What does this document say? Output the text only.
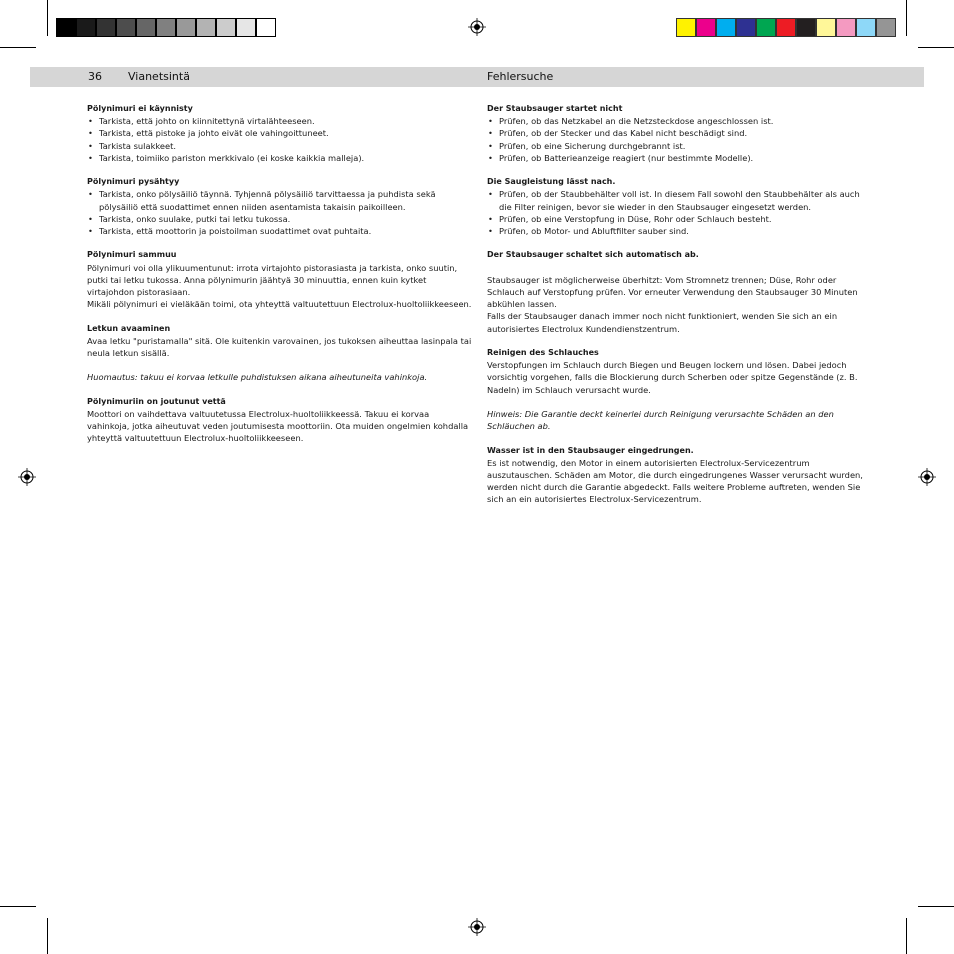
36 Vianetsintä	Fehlersuche
Pölynimuri ei käynnisty
• Tarkista, että johto on kiinnitettynä virtalähteeseen.
• Tarkista, että pistoke ja johto eivät ole vahingoittuneet.
• Tarkista sulakkeet.
• Tarkista, toimiiko pariston merkkivalo (ei koske kaikkia malleja).
Pölynimuri pysähtyy
• Tarkista, onko pölysäiliö täynnä. Tyhjennä pölysäiliö tarvittaessa ja puhdista sekä pölysäiliö että suodattimet ennen niiden asentamista takaisin paikoilleen.
• Tarkista, onko suulake, putki tai letku tukossa.
• Tarkista, että moottorin ja poistoilman suodattimet ovat puhtaita.
Pölynimuri sammuu

Pölynimuri voi olla ylikuumentunut: irrota virtajohto pistorasiasta ja tarkista, onko suutin, putki tai letku tukossa. Anna pölynimurin jäähtyä 30 minuuttia, ennen kuin kytket virtajohdon pistorasiaan.

Mikäli pölynimuri ei vieläkään toimi, ota yhteyttä valtuutettuun Electrolux-huoltoliikkeeseen.

Letkun avaaminen

Avaa letku "puristamalla" sitä. Ole kuitenkin varovainen, jos tukoksen aiheuttaa lasinpala tai neula letkun sisällä.

Huomautus: takuu ei korvaa letkulle puhdistuksen aikana aiheutuneita vahinkoja.

Pölynimuriin on joutunut vettä

Moottori on vaihdettava valtuutetussa Electrolux-huoltoliikkeessä. Takuu ei korvaa vahinkoja, jotka aiheutuvat veden joutumisesta moottoriin. Ota muiden ongelmien kohdalla yhteyttä valtuutettuun Electrolux-huoltoliikkeeseen.

Der Staubsauger startet nicht
• Prüfen, ob das Netzkabel an die Netzsteckdose angeschlossen ist.
• Prüfen, ob der Stecker und das Kabel nicht beschädigt sind.
• Prüfen, ob eine Sicherung durchgebrannt ist.
• Prüfen, ob Batterieanzeige reagiert (nur bestimmte Modelle).
Die Saugleistung lässt nach.
• Prüfen, ob der Staubbehälter voll ist. In diesem Fall sowohl den Staubbehälter als auch die Filter reinigen, bevor sie wieder in den Staubsauger eingesetzt werden.
• Prüfen, ob eine Verstopfung in Düse, Rohr oder Schlauch besteht.
• Prüfen, ob Motor- und Abluftfilter sauber sind.
Der Staubsauger schaltet sich automatisch ab.

Staubsauger ist möglicherweise überhitzt: Vom Stromnetz trennen; Düse, Rohr oder Schlauch auf Verstopfung prüfen. Vor erneuter Verwendung den Staubsauger 30 Minuten abkühlen lassen.

Falls der Staubsauger danach immer noch nicht funktioniert, wenden Sie sich an ein autorisiertes Electrolux Kundendienstzentrum.

Reinigen des Schlauches

Verstopfungen im Schlauch durch Biegen und Beugen lockern und lösen. Dabei jedoch vorsichtig vorgehen, falls die Blockierung durch Scherben oder spitze Gegenstände (z. B. Nadeln) im Schlauch verursacht wurde.

Hinweis: Die Garantie deckt keinerlei durch Reinigung verursachte Schäden an den Schläuchen ab.

Wasser ist in den Staubsauger eingedrungen.

Es ist notwendig, den Motor in einem autorisierten Electrolux-Servicezentrum auszutauschen. Schäden am Motor, die durch eingedrungenes Wasser verursacht wurden, werden nicht durch die Garantie abgedeckt. Falls weitere Probleme auftreten, wenden Sie sich an ein autorisiertes Electrolux-Servicezentrum.
